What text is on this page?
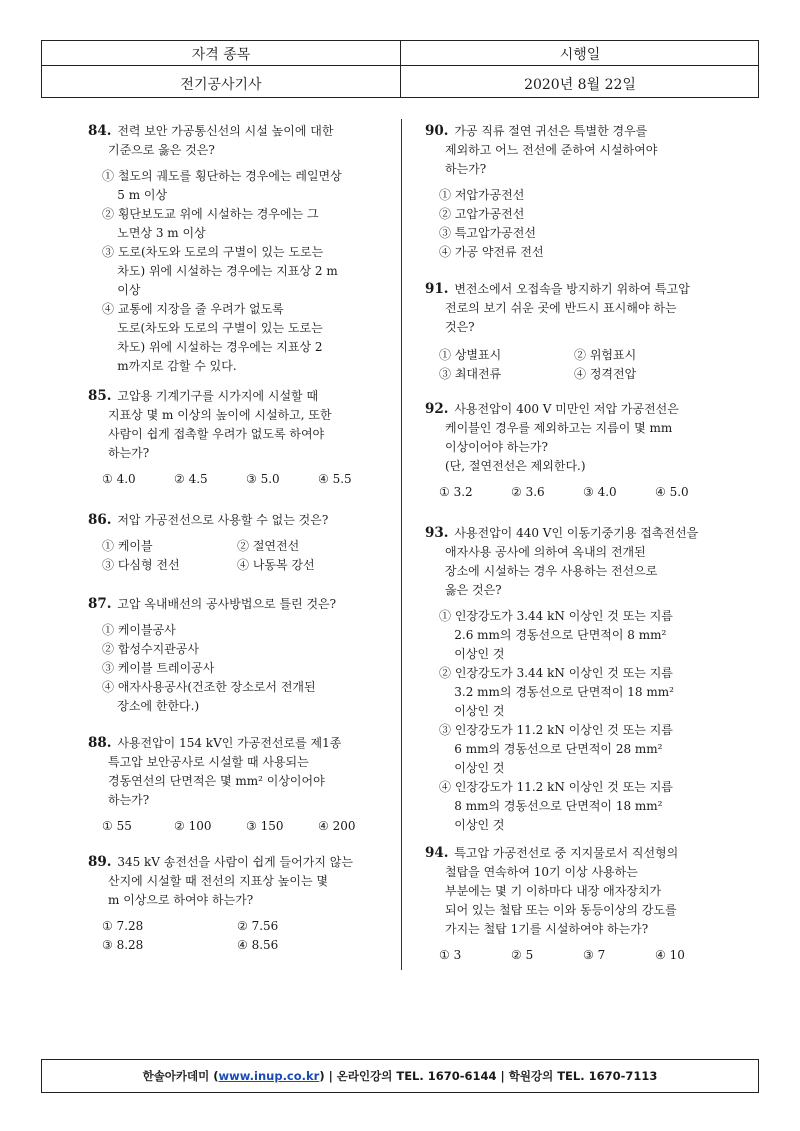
자격 종목	시행일
전기공사기사	2020년 8월 22일
84. 전력 보안 가공통신선의 시설 높이에 대한
기준으로 옳은 것은?
① 철도의 궤도를 횡단하는 경우에는 레일면상
5 m 이상
② 횡단보도교 위에 시설하는 경우에는 그
노면상 3 m 이상
③ 도로(차도와 도로의 구별이 있는 도로는
차도) 위에 시설하는 경우에는 지표상 2 m
이상
④ 교통에 지장을 줄 우려가 없도록
도로(차도와 도로의 구별이 있는 도로는
차도) 위에 시설하는 경우에는 지표상 2
m까지로 감할 수 있다.
85. 고압용 기계기구를 시가지에 시설할 때
지표상 몇 m 이상의 높이에 시설하고, 또한
사람이 쉽게 접촉할 우려가 없도록 하여야
하는가?
① 4.0	② 4.5	③ 5.0	④ 5.5
86. 저압 가공전선으로 사용할 수 없는 것은?
① 케이블	② 절연전선
③ 다심형 전선	④ 나동복 강선
87. 고압 옥내배선의 공사방법으로 틀린 것은?
① 케이블공사
② 합성수지관공사
③ 케이블 트레이공사
④ 애자사용공사(건조한 장소로서 전개된
장소에 한한다.)
88. 사용전압이 154 kV인 가공전선로를 제1종
특고압 보안공사로 시설할 때 사용되는
경동연선의 단면적은 몇 mm² 이상이어야
하는가?
① 55	② 100	③ 150	④ 200
89. 345 kV 송전선을 사람이 쉽게 들어가지 않는
산지에 시설할 때 전선의 지표상 높이는 몇
m 이상으로 하여야 하는가?
① 7.28	② 7.56
③ 8.28	④ 8.56
90. 가공 직류 절연 귀선은 특별한 경우를
제외하고 어느 전선에 준하여 시설하여야
하는가?
① 저압가공전선
② 고압가공전선
③ 특고압가공전선
④ 가공 약전류 전선
91. 변전소에서 오접속을 방지하기 위하여 특고압
전로의 보기 쉬운 곳에 반드시 표시해야 하는
것은?
① 상별표시	② 위험표시
③ 최대전류	④ 정격전압
92. 사용전압이 400 V 미만인 저압 가공전선은
케이블인 경우를 제외하고는 지름이 몇 mm
이상이어야 하는가?
(단, 절연전선은 제외한다.)
① 3.2	② 3.6	③ 4.0	④ 5.0
93. 사용전압이 440 V인 이동기중기용 접촉전선을
애자사용 공사에 의하여 옥내의 전개된
장소에 시설하는 경우 사용하는 전선으로
옳은 것은?
① 인장강도가 3.44 kN 이상인 것 또는 지름
2.6 mm의 경동선으로 단면적이 8 mm²
이상인 것
② 인장강도가 3.44 kN 이상인 것 또는 지름
3.2 mm의 경동선으로 단면적이 18 mm²
이상인 것
③ 인장강도가 11.2 kN 이상인 것 또는 지름
6 mm의 경동선으로 단면적이 28 mm²
이상인 것
④ 인장강도가 11.2 kN 이상인 것 또는 지름
8 mm의 경동선으로 단면적이 18 mm²
이상인 것
94. 특고압 가공전선로 중 지지물로서 직선형의
철탑을 연속하여 10기 이상 사용하는
부분에는 몇 기 이하마다 내장 애자장치가
되어 있는 철탑 또는 이와 동등이상의 강도를
가지는 철탑 1기를 시설하여야 하는가?
① 3	② 5	③ 7	④ 10
한솔아카데미 (www.inup.co.kr) | 온라인강의 TEL. 1670-6144 | 학원강의 TEL. 1670-7113
